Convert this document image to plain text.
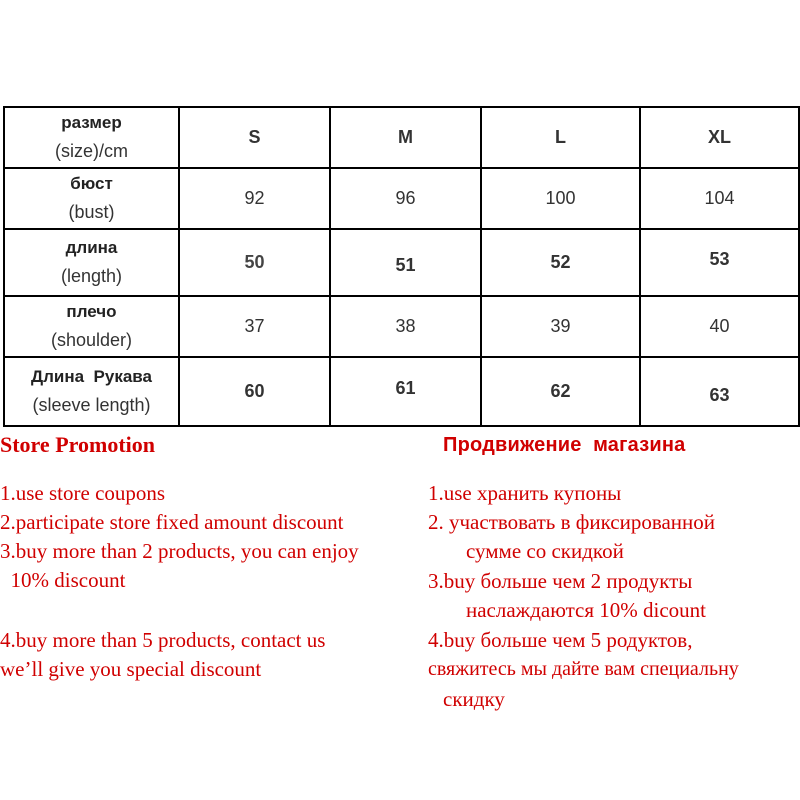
размер
(size)/cm	S	M	L	XL

бюст
(bust)	92	96	100	104

длина
(length)	50	51	52	53

плечо
(shoulder)	37	38	39	40

Длина  Рукава
(sleeve length)	60	61	62	63
Store Promotion	Продвижение  магазина
1.use store coupons
2.participate store fixed amount discount
3.buy more than 2 products, you can enjoy
10% discount
4.buy more than 5 products, contact us
we’ll give you special discount
1.use хранить купоны
2. участвовать в фиксированной
сумме со скидкой
3.buy больше чем 2 продукты
наслаждаются 10% dicount
4.buy больше чем 5 родуктов,
свяжитесь мы дайте вам специальну
скидку
